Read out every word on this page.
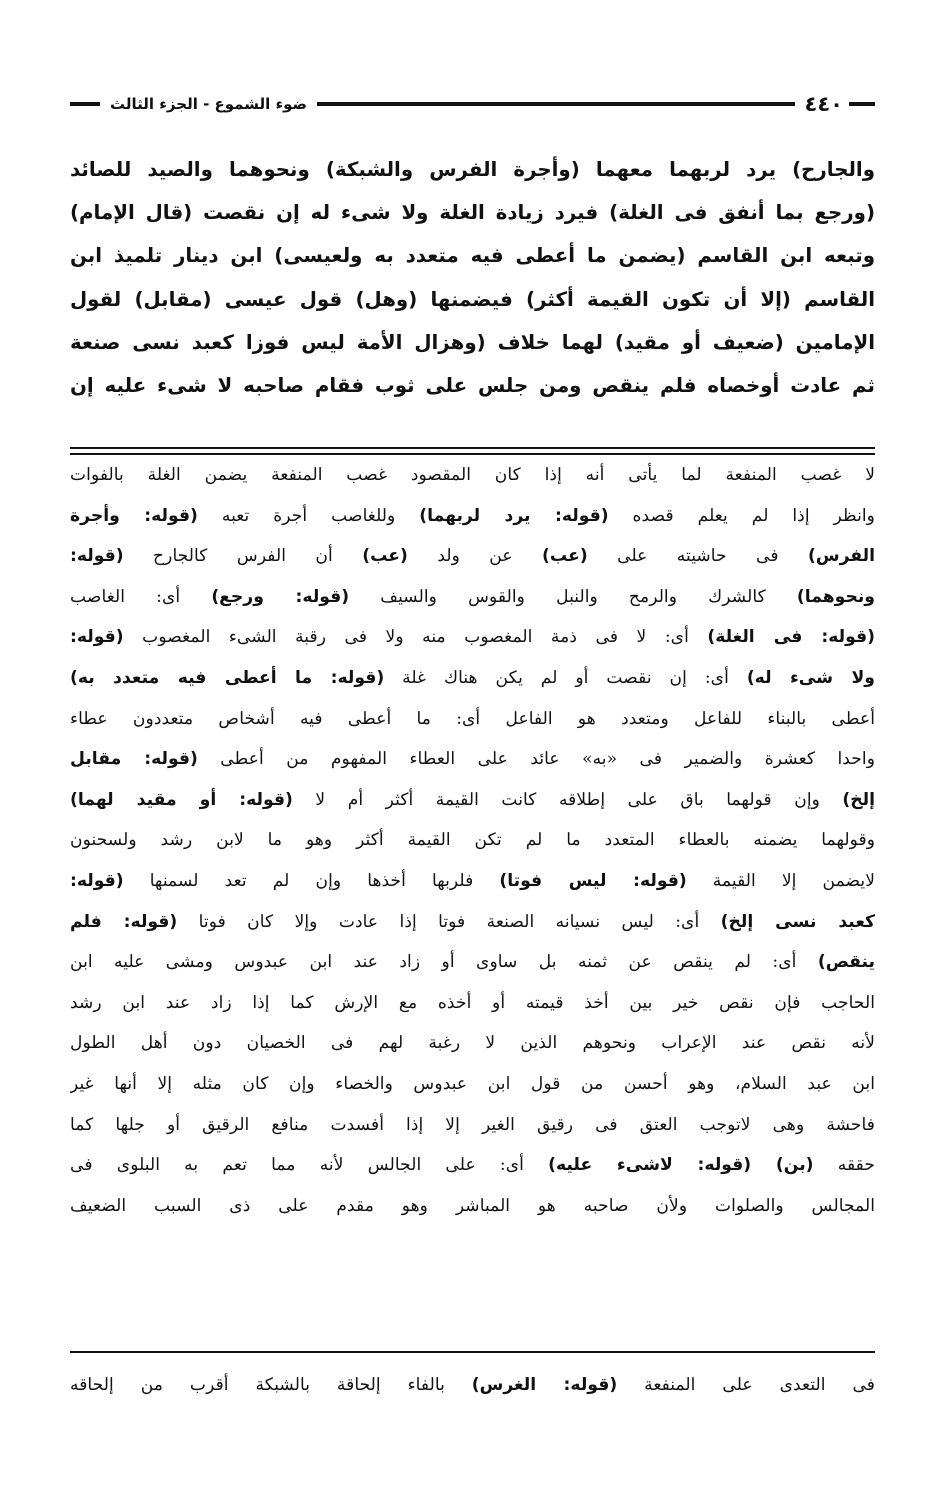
٤٤٠
ضوء الشموع - الجزء الثالث
والجارح) يرد لربهما معهما (وأجرة الفرس والشبكة) ونحوهما والصيد للصائد
(ورجع بما أنفق فى الغلة) فيرد زيادة الغلة ولا شىء له إن نقصت (قال الإمام)
وتبعه ابن القاسم (يضمن ما أعطى فيه متعدد به ولعيسى) ابن دينار تلميذ ابن
القاسم (إلا أن تكون القيمة أكثر) فيضمنها (وهل) قول عيسى (مقابل) لقول
الإمامين (ضعيف أو مقيد) لهما خلاف (وهزال الأمة ليس فوزا كعبد نسى صنعة
ثم عادت أوخصاه فلم ينقص ومن جلس على ثوب فقام صاحبه لا شىء عليه إن
لا غصب المنفعة لما يأتى أنه إذا كان المقصود غصب المنفعة يضمن الغلة بالفوات
وانظر إذا لم يعلم قصده (قوله: يرد لربهما) وللغاصب أجرة تعبه (قوله: وأجرة
الفرس) فى حاشيته على (عب) عن ولد (عب) أن الفرس كالجارح (قوله:
ونحوهما) كالشرك والرمح والنبل والقوس والسيف (قوله: ورجع) أى: الغاصب
(قوله: فى الغلة) أى: لا فى ذمة المغصوب منه ولا فى رقبة الشىء المغصوب (قوله:
ولا شىء له) أى: إن نقصت أو لم يكن هناك غلة (قوله: ما أعطى فيه متعدد به)
أعطى بالبناء للفاعل ومتعدد هو الفاعل أى: ما أعطى فيه أشخاص متعددون عطاء
واحدا كعشرة والضمير فى «به» عائد على العطاء المفهوم من أعطى (قوله: مقابل
إلخ) وإن قولهما باق على إطلاقه كانت القيمة أكثر أم لا (قوله: أو مقيد لهما)
وقولهما يضمنه بالعطاء المتعدد ما لم تكن القيمة أكثر وهو ما لابن رشد ولسحنون
لايضمن إلا القيمة (قوله: ليس فوتا) فلربها أخذها وإن لم تعد لسمنها (قوله:
كعبد نسى إلخ) أى: ليس نسيانه الصنعة فوتا إذا عادت وإلا كان فوتا (قوله: فلم
ينقص) أى: لم ينقص عن ثمنه بل ساوى أو زاد عند ابن عبدوس ومشى عليه ابن
الحاجب فإن نقص خير بين أخذ قيمته أو أخذه مع الإرش كما إذا زاد عند ابن رشد
لأنه نقص عند الإعراب ونحوهم الذين لا رغبة لهم فى الخصيان دون أهل الطول
ابن عبد السلام، وهو أحسن من قول ابن عبدوس والخصاء وإن كان مثله إلا أنها غير
فاحشة وهى لاتوجب العتق فى رقيق الغير إلا إذا أفسدت منافع الرقيق أو جلها كما
حققه (بن) (قوله: لاشىء عليه) أى: على الجالس لأنه مما تعم به البلوى فى
المجالس والصلوات ولأن صاحبه هو المباشر وهو مقدم على ذى السبب الضعيف
فى التعدى على المنفعة (قوله: الغرس) بالفاء إلحاقة بالشبكة أقرب من إلحاقه
